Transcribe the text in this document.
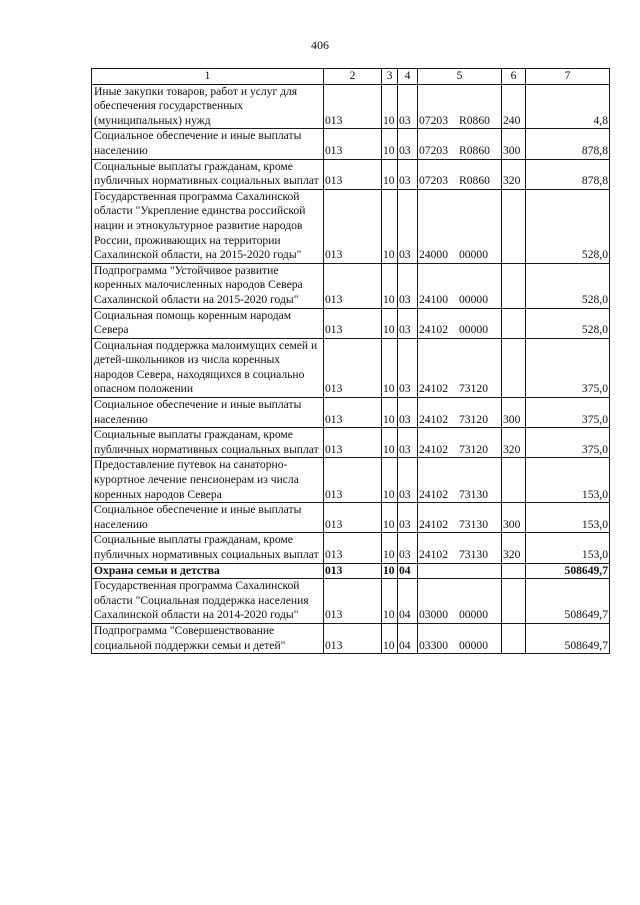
406
1	2	3	4	5	6	7
Иные закупки товаров, работ и услуг для обеспечения государственных (муниципальных) нужд	013	10	03	07203 R0860	240	4,8
Социальное обеспечение и иные выплаты населению	013	10	03	07203 R0860	300	878,8
Социальные выплаты гражданам, кроме публичных нормативных социальных выплат	013	10	03	07203 R0860	320	878,8
Государственная программа Сахалинской области "Укрепление единства российской нации и этнокультурное развитие народов России, проживающих на территории Сахалинской области, на 2015-2020 годы"	013	10	03	24000 00000		528,0
Подпрограмма "Устойчивое развитие коренных малочисленных народов Севера Сахалинской области на 2015-2020 годы"	013	10	03	24100 00000		528,0
Социальная помощь коренным народам Севера	013	10	03	24102 00000		528,0
Социальная поддержка малоимущих семей и детей-школьников из числа коренных народов Севера, находящихся в социально опасном положении	013	10	03	24102 73120		375,0
Социальное обеспечение и иные выплаты населению	013	10	03	24102 73120	300	375,0
Социальные выплаты гражданам, кроме публичных нормативных социальных выплат	013	10	03	24102 73120	320	375,0
Предоставление путевок на санаторно-курортное лечение пенсионерам из числа коренных народов Севера	013	10	03	24102 73130		153,0
Социальное обеспечение и иные выплаты населению	013	10	03	24102 73130	300	153,0
Социальные выплаты гражданам, кроме публичных нормативных социальных выплат	013	10	03	24102 73130	320	153,0
Охрана семьи и детства	013	10	04			508649,7
Государственная программа Сахалинской области "Социальная поддержка населения Сахалинской области на 2014-2020 годы"	013	10	04	03000 00000		508649,7
Подпрограмма "Совершенствование социальной поддержки семьи и детей"	013	10	04	03300 00000		508649,7
